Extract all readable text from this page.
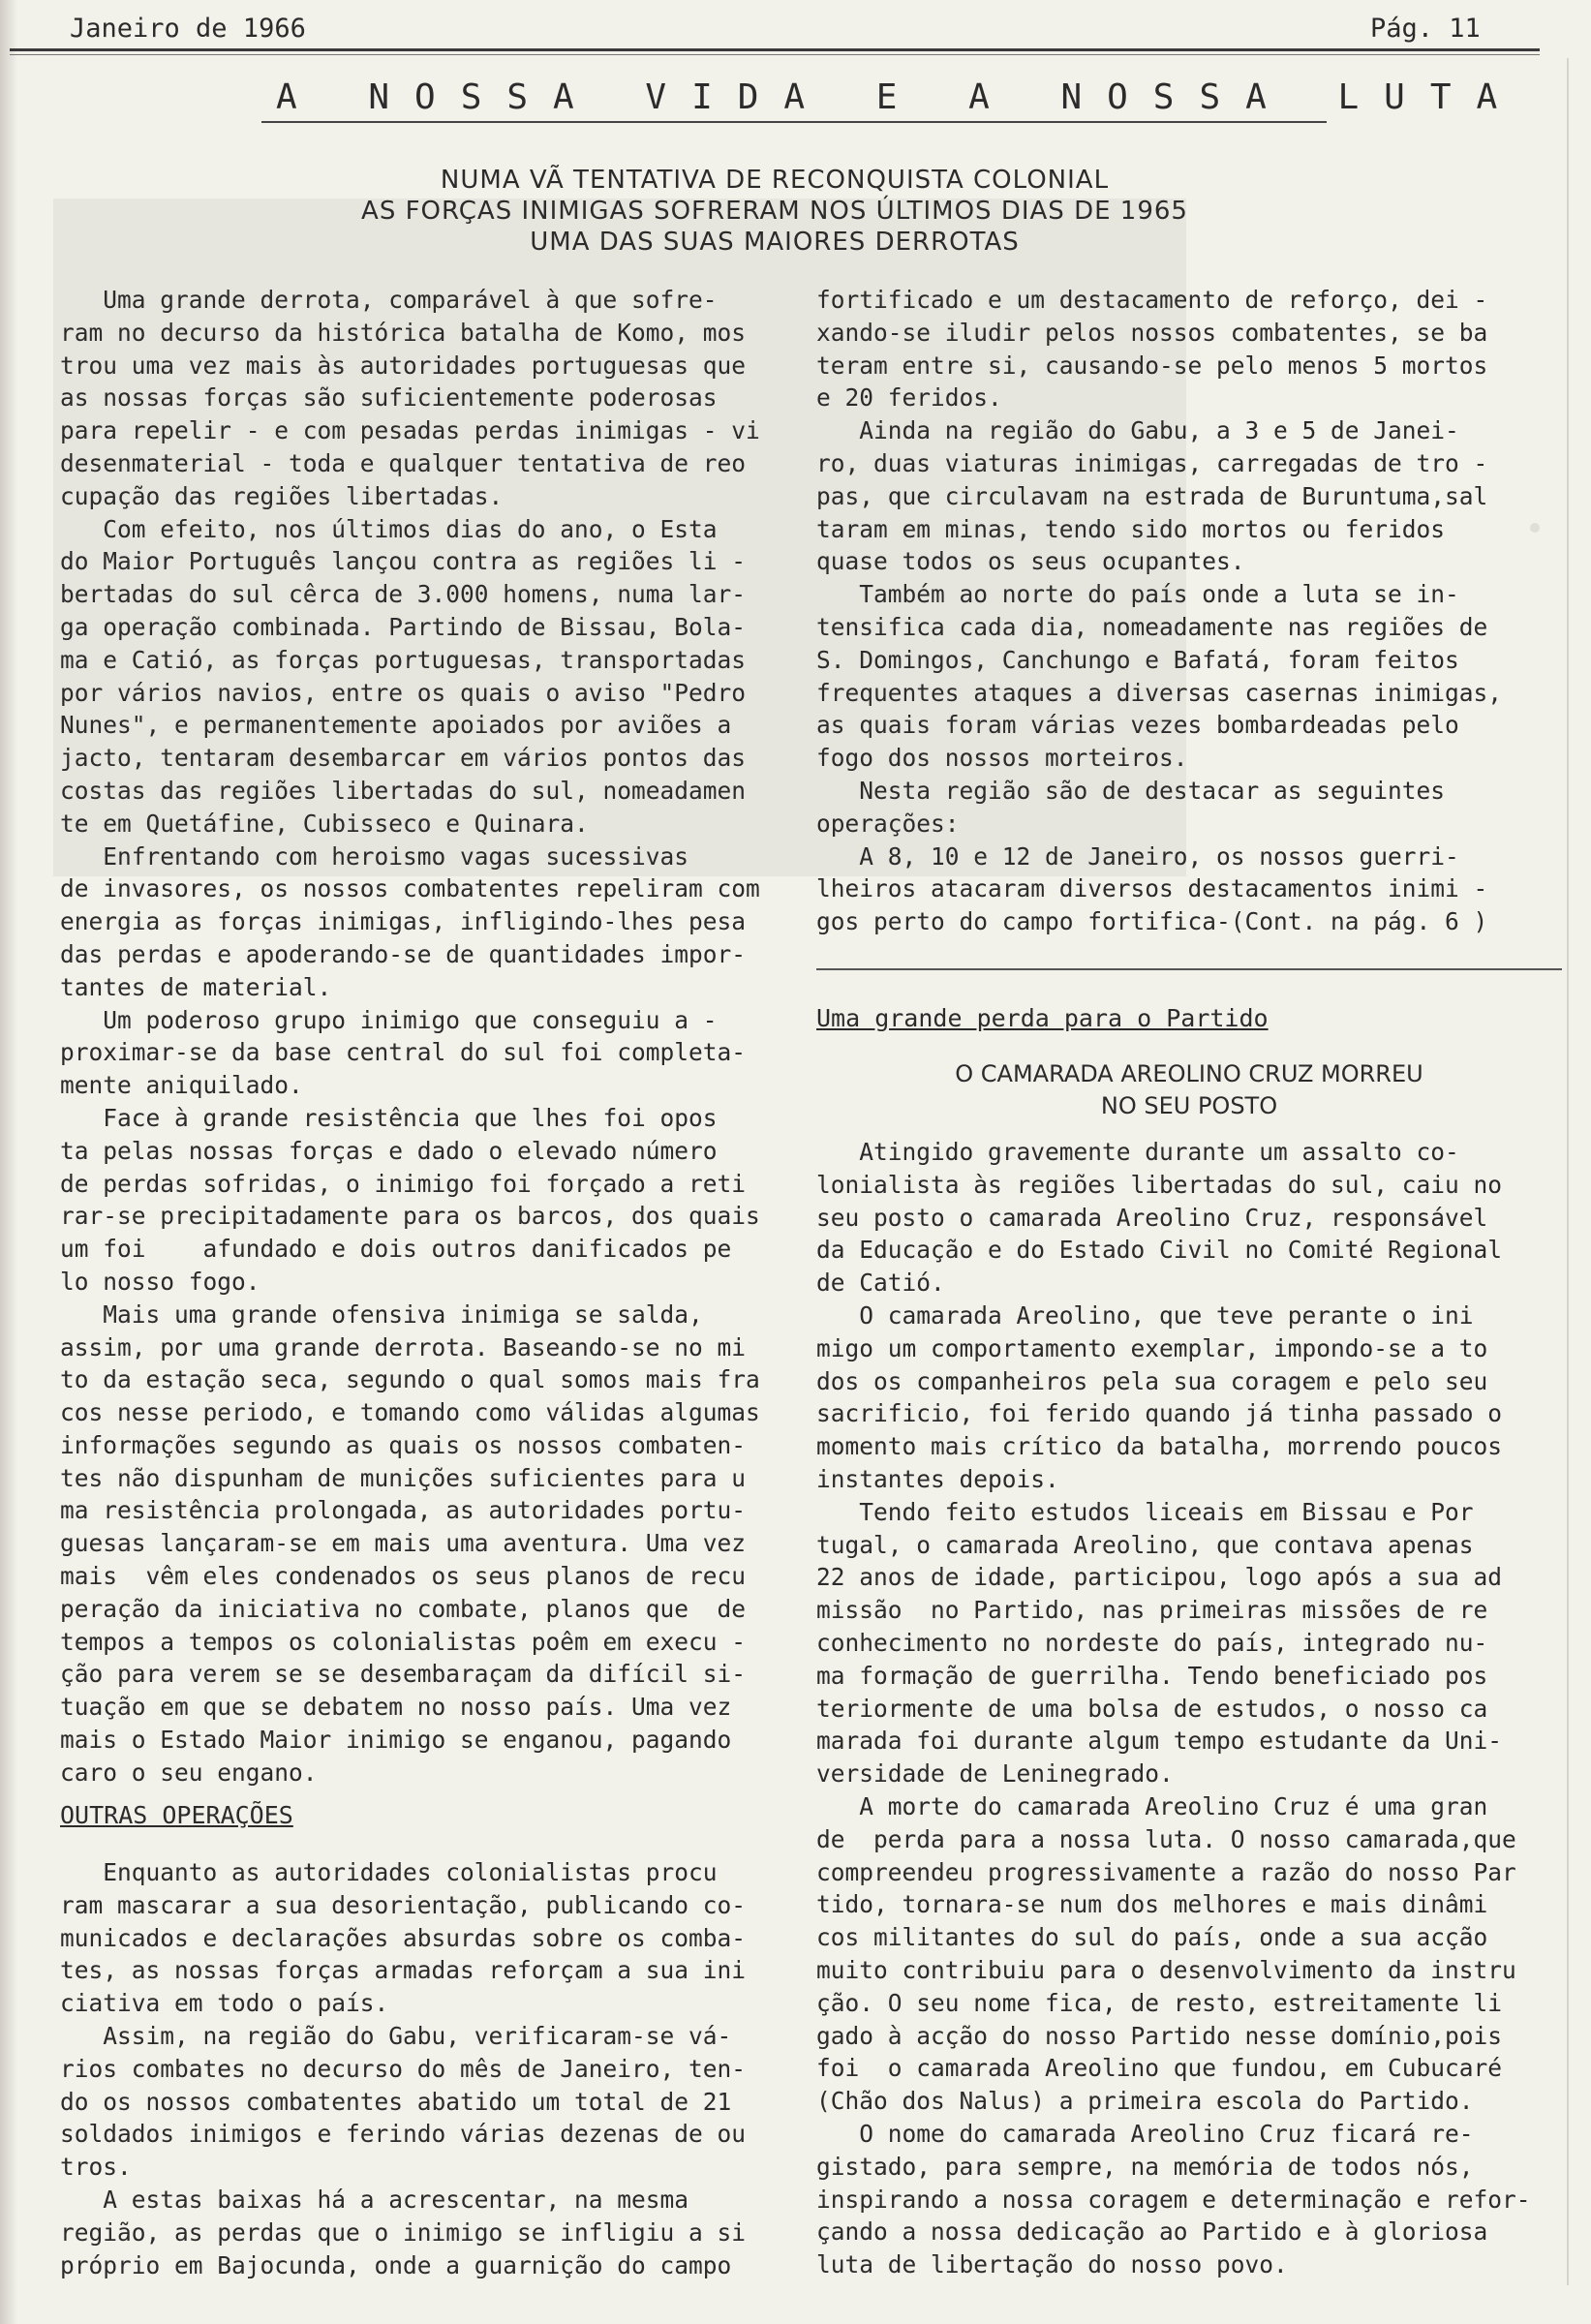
Janeiro de 1966	Pág. 11
A NOSSA VIDA E A NOSSA LUTA
NUMA VÃ TENTATIVA DE RECONQUISTA COLONIAL
AS FORÇAS INIMIGAS SOFRERAM NOS ÚLTIMOS DIAS DE 1965
UMA DAS SUAS MAIORES DERROTAS

Uma grande derrota, comparável à que sofre-

ram no decurso da histórica batalha de Komo, mos

trou uma vez mais às autoridades portuguesas que

as nossas forças são suficientemente poderosas

para repelir - e com pesadas perdas inimigas - vi

desenmaterial - toda e qualquer tentativa de reo

cupação das regiões libertadas.

Com efeito, nos últimos dias do ano, o Esta

do Maior Português lançou contra as regiões li -

bertadas do sul cêrca de 3.000 homens, numa lar-

ga operação combinada. Partindo de Bissau, Bola-

ma e Catió, as forças portuguesas, transportadas

por vários navios, entre os quais o aviso "Pedro

Nunes", e permanentemente apoiados por aviões a

jacto, tentaram desembarcar em vários pontos das

costas das regiões libertadas do sul, nomeadamen

te em Quetáfine, Cubisseco e Quinara.

Enfrentando com heroismo vagas sucessivas

de invasores, os nossos combatentes repeliram com

energia as forças inimigas, infligindo-lhes pesa

das perdas e apoderando-se de quantidades impor-

tantes de material.

Um poderoso grupo inimigo que conseguiu a -

proximar-se da base central do sul foi completa-

mente aniquilado.

Face à grande resistência que lhes foi opos

ta pelas nossas forças e dado o elevado número

de perdas sofridas, o inimigo foi forçado a reti

rar-se precipitadamente para os barcos, dos quais

um foi    afundado e dois outros danificados pe

lo nosso fogo.

Mais uma grande ofensiva inimiga se salda,

assim, por uma grande derrota. Baseando-se no mi

to da estação seca, segundo o qual somos mais fra

cos nesse periodo, e tomando como válidas algumas

informações segundo as quais os nossos combaten-

tes não dispunham de munições suficientes para u

ma resistência prolongada, as autoridades portu-

guesas lançaram-se em mais uma aventura. Uma vez

mais  vêm eles condenados os seus planos de recu

peração da iniciativa no combate, planos que  de

tempos a tempos os colonialistas poêm em execu -

ção para verem se se desembaraçam da difícil si-

tuação em que se debatem no nosso país. Uma vez

mais o Estado Maior inimigo se enganou, pagando

caro o seu engano.

fortificado e um destacamento de reforço, dei -

xando-se iludir pelos nossos combatentes, se ba

teram entre si, causando-se pelo menos 5 mortos

e 20 feridos.

Ainda na região do Gabu, a 3 e 5 de Janei-

ro, duas viaturas inimigas, carregadas de tro -

pas, que circulavam na estrada de Buruntuma,sal

taram em minas, tendo sido mortos ou feridos

quase todos os seus ocupantes.

Também ao norte do país onde a luta se in-

tensifica cada dia, nomeadamente nas regiões de

S. Domingos, Canchungo e Bafatá, foram feitos

frequentes ataques a diversas casernas inimigas,

as quais foram várias vezes bombardeadas pelo

fogo dos nossos morteiros.

Nesta região são de destacar as seguintes

operações:

A 8, 10 e 12 de Janeiro, os nossos guerri-

lheiros atacaram diversos destacamentos inimi -

gos perto do campo fortifica-(Cont. na pág. 6 )

OUTRAS OPERAÇÕES

Enquanto as autoridades colonialistas procu

ram mascarar a sua desorientação, publicando co-

municados e declarações absurdas sobre os comba-

tes, as nossas forças armadas reforçam a sua ini

ciativa em todo o país.

Assim, na região do Gabu, verificaram-se vá-

rios combates no decurso do mês de Janeiro, ten-

do os nossos combatentes abatido um total de 21

soldados inimigos e ferindo várias dezenas de ou

tros.

A estas baixas há a acrescentar, na mesma

região, as perdas que o inimigo se infligiu a si

próprio em Bajocunda, onde a guarnição do campo

Uma grande perda para o Partido
O CAMARADA AREOLINO CRUZ MORREU
NO SEU POSTO

Atingido gravemente durante um assalto co-

lonialista às regiões libertadas do sul, caiu no

seu posto o camarada Areolino Cruz, responsável

da Educação e do Estado Civil no Comité Regional

de Catió.

O camarada Areolino, que teve perante o ini

migo um comportamento exemplar, impondo-se a to

dos os companheiros pela sua coragem e pelo seu

sacrificio, foi ferido quando já tinha passado o

momento mais crítico da batalha, morrendo poucos

instantes depois.

Tendo feito estudos liceais em Bissau e Por

tugal, o camarada Areolino, que contava apenas

22 anos de idade, participou, logo após a sua ad

missão  no Partido, nas primeiras missões de re

conhecimento no nordeste do país, integrado nu-

ma formação de guerrilha. Tendo beneficiado pos

teriormente de uma bolsa de estudos, o nosso ca

marada foi durante algum tempo estudante da Uni-

versidade de Leninegrado.

A morte do camarada Areolino Cruz é uma gran

de  perda para a nossa luta. O nosso camarada,que

compreendeu progressivamente a razão do nosso Par

tido, tornara-se num dos melhores e mais dinâmi

cos militantes do sul do país, onde a sua acção

muito contribuiu para o desenvolvimento da instru

ção. O seu nome fica, de resto, estreitamente li

gado à acção do nosso Partido nesse domínio,pois

foi  o camarada Areolino que fundou, em Cubucaré

(Chão dos Nalus) a primeira escola do Partido.

O nome do camarada Areolino Cruz ficará re-

gistado, para sempre, na memória de todos nós,

inspirando a nossa coragem e determinação e refor-

çando a nossa dedicação ao Partido e à gloriosa

luta de libertação do nosso povo.
